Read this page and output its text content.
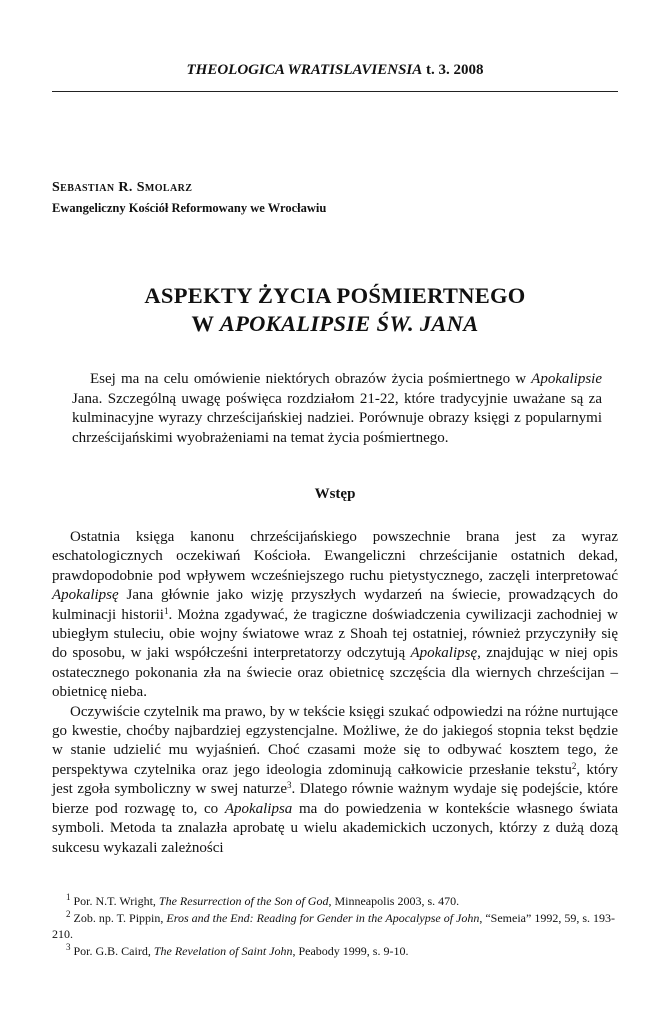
THEOLOGICA WRATISLAVIENSIA t. 3. 2008
Sebastian R. Smolarz
Ewangeliczny Kościół Reformowany we Wrocławiu
ASPEKTY ŻYCIA POŚMIERTNEGO
W APOKALIPSIE ŚW. JANA

Esej ma na celu omówienie niektórych obrazów życia pośmiertnego w Apokalipsie Jana. Szczególną uwagę poświęca rozdziałom 21-22, które tradycyjnie uważane są za kulminacyjne wyrazy chrześcijańskiej nadziei. Porównuje obrazy księgi z popularnymi chrześcijańskimi wyobrażeniami na temat życia pośmiertnego.

Wstęp

Ostatnia księga kanonu chrześcijańskiego powszechnie brana jest za wyraz eschatologicznych oczekiwań Kościoła. Ewangeliczni chrześcijanie ostatnich dekad, prawdopodobnie pod wpływem wcześniejszego ruchu pietystycznego, zaczęli interpretować Apokalipsę Jana głównie jako wizję przyszłych wydarzeń na świecie, prowadzących do kulminacji historii$^1$. Można zgadywać, że tragiczne doświadczenia cywilizacji zachodniej w ubiegłym stuleciu, obie wojny światowe wraz z Shoah tej ostatniej, również przyczyniły się do sposobu, w jaki współcześni interpretatorzy odczytują Apokalipsę, znajdując w niej opis ostatecznego pokonania zła na świecie oraz obietnicę szczęścia dla wiernych chrześcijan – obietnicę nieba.

Oczywiście czytelnik ma prawo, by w tekście księgi szukać odpowiedzi na różne nurtujące go kwestie, choćby najbardziej egzystencjalne. Możliwe, że do jakiegoś stopnia tekst będzie w stanie udzielić mu wyjaśnień. Choć czasami może się to odbywać kosztem tego, że perspektywa czytelnika oraz jego ideologia zdominują całkowicie przesłanie tekstu$^2$, który jest zgoła symboliczny w swej naturze$^3$. Dlatego równie ważnym wydaje się podejście, które bierze pod rozwagę to, co Apokalipsa ma do powiedzenia w kontekście własnego świata symboli. Metoda ta znalazła aprobatę u wielu akademickich uczonych, którzy z dużą dozą sukcesu wykazali zależności

$^1$ Por. N.T. Wright, The Resurrection of the Son of God, Minneapolis 2003, s. 470.

$^2$ Zob. np. T. Pippin, Eros and the End: Reading for Gender in the Apocalypse of John, “Semeia” 1992, 59, s. 193-210.

$^3$ Por. G.B. Caird, The Revelation of Saint John, Peabody 1999, s. 9-10.
